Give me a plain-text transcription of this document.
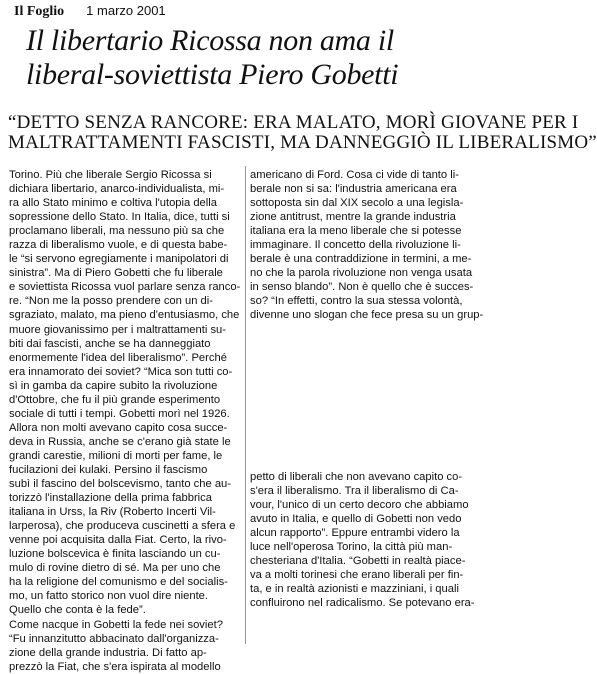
Il Foglio 1 marzo 2001
Il libertario Ricossa non ama il
liberal-soviettista Piero Gobetti
“DETTO SENZA RANCORE: ERA MALATO, MORÌ GIOVANE PER I
MALTRATTAMENTI FASCISTI, MA DANNEGGIÒ IL LIBERALISMO”
Torino. Più che liberale Sergio Ricossa si
dichiara libertario, anarco-individualista, mi-
ra allo Stato minimo e coltiva l'utopia della
sopressione dello Stato. In Italia, dice, tutti si
proclamano liberali, ma nessuno più sa che
razza di liberalismo vuole, e di questa babe-
le “si servono egregiamente i manipolatori di
sinistra”. Ma di Piero Gobetti che fu liberale
e soviettista Ricossa vuol parlare senza ranco-
re. “Non me la posso prendere con un di-
sgraziato, malato, ma pieno d'entusiasmo, che
muore giovanissimo per i maltrattamenti su-
biti dai fascisti, anche se ha danneggiato
enormemente l'idea del liberalismo”. Perché
era innamorato dei soviet? “Mica son tutti co-
sì in gamba da capire subito la rivoluzione
d'Ottobre, che fu il più grande esperimento
sociale di tutti i tempi. Gobetti morì nel 1926.
Allora non molti avevano capito cosa succe-
deva in Russia, anche se c'erano già state le
grandi carestie, milioni di morti per fame, le
fucilazioni dei kulaki. Persino il fascismo
subì il fascino del bolscevismo, tanto che au-
torizzò l'installazione della prima fabbrica
italiana in Urss, la Riv (Roberto Incerti Vil-
larperosa), che produceva cuscinetti a sfera e
venne poi acquisita dalla Fiat. Certo, la rivo-
luzione bolscevica è finita lasciando un cu-
mulo di rovine dietro di sé. Ma per uno che
ha la religione del comunismo e del socialis-
mo, un fatto storico non vuol dire niente.
Quello che conta è la fede”.
Come nacque in Gobetti la fede nei soviet?
“Fu innanzitutto abbacinato dall'organizza-
zione della grande industria. Di fatto ap-
prezzò la Fiat, che s'era ispirata al modello
americano di Ford. Cosa ci vide di tanto li-
berale non si sa: l'industria americana era
sottoposta sin dal XIX secolo a una legisla-
zione antitrust, mentre la grande industria
italiana era la meno liberale che si potesse
immaginare. Il concetto della rivoluzione li-
berale è una contraddizione in termini, a me-
no che la parola rivoluzione non venga usata
in senso blando”. Non è quello che è succes-
so? “In effetti, contro la sua stessa volontà,
divenne uno slogan che fece presa su un grup-
petto di liberali che non avevano capito co-
s'era il liberalismo. Tra il liberalismo di Ca-
vour, l'unico di un certo decoro che abbiamo
avuto in Italia, e quello di Gobetti non vedo
alcun rapporto”. Eppure entrambi videro la
luce nell'operosa Torino, la città più man-
chesteriana d'Italia. “Gobetti in realtà piace-
va a molti torinesi che erano liberali per fin-
ta, e in realtà azionisti e mazziniani, i quali
confluirono nel radicalismo. Se potevano era-
